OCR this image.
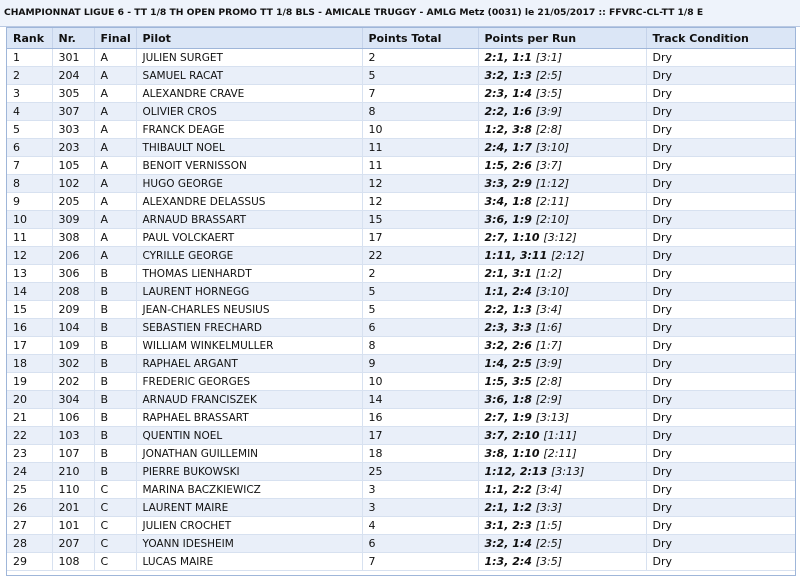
CHAMPIONNAT LIGUE 6 - TT 1/8 TH OPEN PROMO TT 1/8 BLS - AMICALE TRUGGY - AMLG Metz (0031) le 21/05/2017 :: FFVRC-CL-TT 1/8 E
Rank	Nr.	Final	Pilot	Points Total	Points per Run	Track Condition
1	301	A	JULIEN SURGET	2	2:1, 1:1 [3:1]	Dry
2	204	A	SAMUEL RACAT	5	3:2, 1:3 [2:5]	Dry
3	305	A	ALEXANDRE CRAVE	7	2:3, 1:4 [3:5]	Dry
4	307	A	OLIVIER CROS	8	2:2, 1:6 [3:9]	Dry
5	303	A	FRANCK DEAGE	10	1:2, 3:8 [2:8]	Dry
6	203	A	THIBAULT NOEL	11	2:4, 1:7 [3:10]	Dry
7	105	A	BENOIT VERNISSON	11	1:5, 2:6 [3:7]	Dry
8	102	A	HUGO GEORGE	12	3:3, 2:9 [1:12]	Dry
9	205	A	ALEXANDRE DELASSUS	12	3:4, 1:8 [2:11]	Dry
10	309	A	ARNAUD BRASSART	15	3:6, 1:9 [2:10]	Dry
11	308	A	PAUL VOLCKAERT	17	2:7, 1:10 [3:12]	Dry
12	206	A	CYRILLE GEORGE	22	1:11, 3:11 [2:12]	Dry
13	306	B	THOMAS LIENHARDT	2	2:1, 3:1 [1:2]	Dry
14	208	B	LAURENT HORNEGG	5	1:1, 2:4 [3:10]	Dry
15	209	B	JEAN-CHARLES NEUSIUS	5	2:2, 1:3 [3:4]	Dry
16	104	B	SEBASTIEN FRECHARD	6	2:3, 3:3 [1:6]	Dry
17	109	B	WILLIAM WINKELMULLER	8	3:2, 2:6 [1:7]	Dry
18	302	B	RAPHAEL ARGANT	9	1:4, 2:5 [3:9]	Dry
19	202	B	FREDERIC GEORGES	10	1:5, 3:5 [2:8]	Dry
20	304	B	ARNAUD FRANCISZEK	14	3:6, 1:8 [2:9]	Dry
21	106	B	RAPHAEL BRASSART	16	2:7, 1:9 [3:13]	Dry
22	103	B	QUENTIN NOEL	17	3:7, 2:10 [1:11]	Dry
23	107	B	JONATHAN GUILLEMIN	18	3:8, 1:10 [2:11]	Dry
24	210	B	PIERRE BUKOWSKI	25	1:12, 2:13 [3:13]	Dry
25	110	C	MARINA BACZKIEWICZ	3	1:1, 2:2 [3:4]	Dry
26	201	C	LAURENT MAIRE	3	2:1, 1:2 [3:3]	Dry
27	101	C	JULIEN CROCHET	4	3:1, 2:3 [1:5]	Dry
28	207	C	YOANN IDESHEIM	6	3:2, 1:4 [2:5]	Dry
29	108	C	LUCAS MAIRE	7	1:3, 2:4 [3:5]	Dry
